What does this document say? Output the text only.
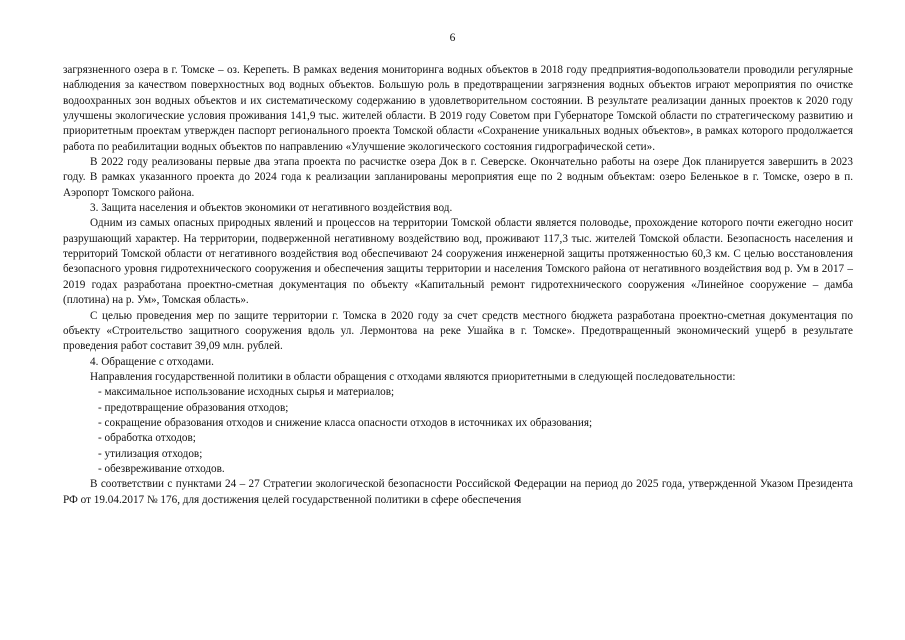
6

загрязненного озера в г. Томске – оз. Керепеть. В рамках ведения мониторинга водных объектов в 2018 году предприятия-водопользователи проводили регулярные наблюдения за качеством поверхностных вод водных объектов. Большую роль в предотвращении загрязнения водных объектов играют мероприятия по очистке водоохранных зон водных объектов и их систематическому содержанию в удовлетворительном состоянии. В результате реализации данных проектов к 2020 году улучшены экологические условия проживания 141,9 тыс. жителей области. В 2019 году Советом при Губернаторе Томской области по стратегическому развитию и приоритетным проектам утвержден паспорт регионального проекта Томской области «Сохранение уникальных водных объектов», в рамках которого продолжается работа по реабилитации водных объектов по направлению «Улучшение экологического состояния гидрографической сети».

В 2022 году реализованы первые два этапа проекта по расчистке озера Док в г. Северске. Окончательно работы на озере Док планируется завершить в 2023 году. В рамках указанного проекта до 2024 года к реализации запланированы мероприятия еще по 2 водным объектам: озеро Беленькое в г. Томске, озеро в п. Аэропорт Томского района.

3. Защита населения и объектов экономики от негативного воздействия вод.

Одним из самых опасных природных явлений и процессов на территории Томской области является половодье, прохождение которого почти ежегодно носит разрушающий характер. На территории, подверженной негативному воздействию вод, проживают 117,3 тыс. жителей Томской области. Безопасность населения и территорий Томской области от негативного воздействия вод обеспечивают 24 сооружения инженерной защиты протяженностью 60,3 км. С целью восстановления безопасного уровня гидротехнического сооружения и обеспечения защиты территории и населения Томского района от негативного воздействия вод р. Ум в 2017 – 2019 годах разработана проектно-сметная документация по объекту «Капитальный ремонт гидротехнического сооружения «Линейное сооружение – дамба (плотина) на р. Ум», Томская область».

С целью проведения мер по защите территории г. Томска в 2020 году за счет средств местного бюджета разработана проектно-сметная документация по объекту «Строительство защитного сооружения вдоль ул. Лермонтова на реке Ушайка в г. Томске». Предотвращенный экономический ущерб в результате проведения работ составит 39,09 млн. рублей.

4. Обращение с отходами.

Направления государственной политики в области обращения с отходами являются приоритетными в следующей последовательности:

- максимальное использование исходных сырья и материалов;
- предотвращение образования отходов;
- сокращение образования отходов и снижение класса опасности отходов в источниках их образования;
- обработка отходов;
- утилизация отходов;
- обезвреживание отходов.

В соответствии с пунктами 24 – 27 Стратегии экологической безопасности Российской Федерации на период до 2025 года, утвержденной Указом Президента РФ от 19.04.2017 № 176, для достижения целей государственной политики в сфере обеспечения
